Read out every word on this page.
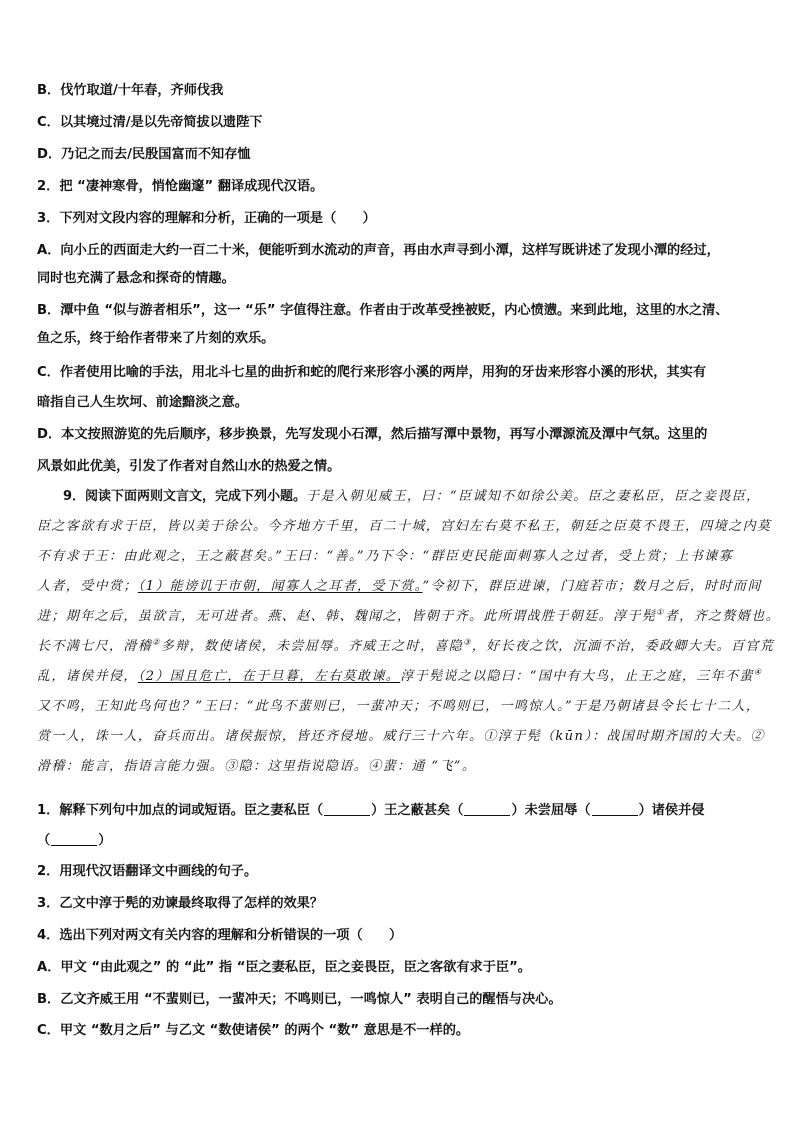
B．伐竹取道/十年春，齐师伐我
C．以其境过清/是以先帝简拔以遗陛下
D．乃记之而去/民殷国富而不知存恤
2．把 “凄神寒骨，悄怆幽邃” 翻译成现代汉语。
3．下列对文段内容的理解和分析，正确的一项是（　　）
A．向小丘的西面走大约一百二十米，便能听到水流动的声音，再由水声寻到小潭，这样写既讲述了发现小潭的经过，
同时也充满了悬念和探奇的情趣。
B．潭中鱼 “似与游者相乐”，这一 “乐” 字值得注意。作者由于改革受挫被贬，内心愤懑。来到此地，这里的水之清、
鱼之乐，终于给作者带来了片刻的欢乐。
C．作者使用比喻的手法，用北斗七星的曲折和蛇的爬行来形容小溪的两岸，用狗的牙齿来形容小溪的形状，其实有
暗指自己人生坎坷、前途黯淡之意。
D．本文按照游览的先后顺序，移步换景，先写发现小石潭，然后描写潭中景物，再写小潭源流及潭中气氛。这里的
风景如此优美，引发了作者对自然山水的热爱之情。
9．阅读下面两则文言文，完成下列小题。于是入朝见威王，曰：“臣诚知不如徐公美。臣之妻私臣，臣之妾畏臣，
臣之客欲有求于臣，皆以美于徐公。今齐地方千里，百二十城，宫妇左右莫不私王，朝廷之臣莫不畏王，四境之内莫
不有求于王：由此观之，王之蔽甚矣。”王曰：“善。”乃下令：“群臣吏民能面刺寡人之过者，受上赏；上书谏寡
人者，受中赏；（1）能谤讥于市朝，闻寡人之耳者，受下赏。”令初下，群臣进谏，门庭若市；数月之后，时时而间
进；期年之后，虽欲言，无可进者。燕、赵、韩、魏闻之，皆朝于齐。此所谓战胜于朝廷。淳于髡①者，齐之赘婿也。
长不满七尺，滑稽②多辩，数使诸侯，未尝屈辱。齐威王之时，喜隐③，好长夜之饮，沉湎不治，委政卿大夫。百官荒
乱，诸侯并侵，（2）国且危亡，在于旦暮，左右莫敢谏。淳于髡说之以隐曰：“国中有大鸟，止王之庭，三年不蜚④
又不鸣，王知此鸟何也？”王曰：“此鸟不蜚则已，一蜚冲天；不鸣则已，一鸣惊人。”于是乃朝诸县令长七十二人，
赏一人，诛一人，奋兵而出。诸侯振惊，皆还齐侵地。威行三十六年。①淳于髡（kūn）：战国时期齐国的大夫。②
滑稽：能言，指语言能力强。③隐：这里指说隐语。④蜚：通 “飞”。
1．解释下列句中加点的词或短语。臣之妻私臣（	）王之蔽甚矣（	）未尝屈辱（	）诸侯并侵
（	）
2．用现代汉语翻译文中画线的句子。
3．乙文中淳于髡的劝谏最终取得了怎样的效果？
4．选出下列对两文有关内容的理解和分析错误的一项（　　）
A．甲文 “由此观之” 的 “此” 指 “臣之妻私臣，臣之妾畏臣，臣之客欲有求于臣”。
B．乙文齐威王用 “不蜚则已，一蜚冲天；不鸣则已，一鸣惊人” 表明自己的醒悟与决心。
C．甲文 “数月之后” 与乙文 “数使诸侯” 的两个 “数” 意思是不一样的。
